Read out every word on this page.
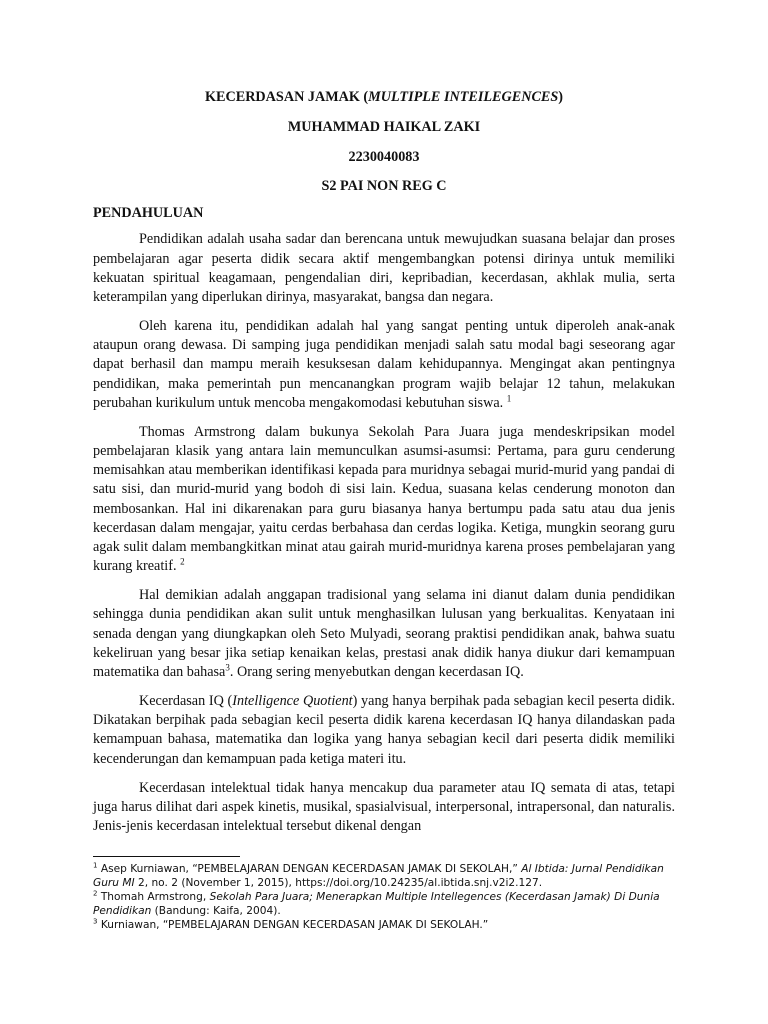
KECERDASAN JAMAK (MULTIPLE INTEILEGENCES)
MUHAMMAD HAIKAL ZAKI
2230040083
S2 PAI NON REG C
PENDAHULUAN

Pendidikan adalah usaha sadar dan berencana untuk mewujudkan suasana belajar dan proses pembelajaran agar peserta didik secara aktif mengembangkan potensi dirinya untuk memiliki kekuatan spiritual keagamaan, pengendalian diri, kepribadian, kecerdasan, akhlak mulia, serta keterampilan yang diperlukan dirinya, masyarakat, bangsa dan negara.

Oleh karena itu, pendidikan adalah hal yang sangat penting untuk diperoleh anak-anak ataupun orang dewasa. Di samping juga pendidikan menjadi salah satu modal bagi seseorang agar dapat berhasil dan mampu meraih kesuksesan dalam kehidupannya. Mengingat akan pentingnya pendidikan, maka pemerintah pun mencanangkan program wajib belajar 12 tahun, melakukan perubahan kurikulum untuk mencoba mengakomodasi kebutuhan siswa. $^1$

Thomas Armstrong dalam bukunya Sekolah Para Juara juga mendeskripsikan model pembelajaran klasik yang antara lain memunculkan asumsi-asumsi: Pertama, para guru cenderung memisahkan atau memberikan identifikasi kepada para muridnya sebagai murid-murid yang pandai di satu sisi, dan murid-murid yang bodoh di sisi lain. Kedua, suasana kelas cenderung monoton dan membosankan. Hal ini dikarenakan para guru biasanya hanya bertumpu pada satu atau dua jenis kecerdasan dalam mengajar, yaitu cerdas berbahasa dan cerdas logika. Ketiga, mungkin seorang guru agak sulit dalam membangkitkan minat atau gairah murid-muridnya karena proses pembelajaran yang kurang kreatif. $^2$

Hal demikian adalah anggapan tradisional yang selama ini dianut dalam dunia pendidikan sehingga dunia pendidikan akan sulit untuk menghasilkan lulusan yang berkualitas. Kenyataan ini senada dengan yang diungkapkan oleh Seto Mulyadi, seorang praktisi pendidikan anak, bahwa suatu kekeliruan yang besar jika setiap kenaikan kelas, prestasi anak didik hanya diukur dari kemampuan matematika dan bahasa$^3$. Orang sering menyebutkan dengan kecerdasan IQ.

Kecerdasan IQ (Intelligence Quotient) yang hanya berpihak pada sebagian kecil peserta didik. Dikatakan berpihak pada sebagian kecil peserta didik karena kecerdasan IQ hanya dilandaskan pada kemampuan bahasa, matematika dan logika yang hanya sebagian kecil dari peserta didik memiliki kecenderungan dan kemampuan pada ketiga materi itu.

Kecerdasan intelektual tidak hanya mencakup dua parameter atau IQ semata di atas, tetapi juga harus dilihat dari aspek kinetis, musikal, spasialvisual, interpersonal, intrapersonal, dan naturalis. Jenis-jenis kecerdasan intelektual tersebut dikenal dengan

$^1$ Asep Kurniawan, “PEMBELAJARAN DENGAN KECERDASAN JAMAK DI SEKOLAH,” Al Ibtida: Jurnal Pendidikan Guru MI 2, no. 2 (November 1, 2015), https://doi.org/10.24235/al.ibtida.snj.v2i2.127.

$^2$ Thomah Armstrong, Sekolah Para Juara; Menerapkan Multiple Intellegences (Kecerdasan Jamak) Di Dunia Pendidikan (Bandung: Kaifa, 2004).

$^3$ Kurniawan, “PEMBELAJARAN DENGAN KECERDASAN JAMAK DI SEKOLAH.”
